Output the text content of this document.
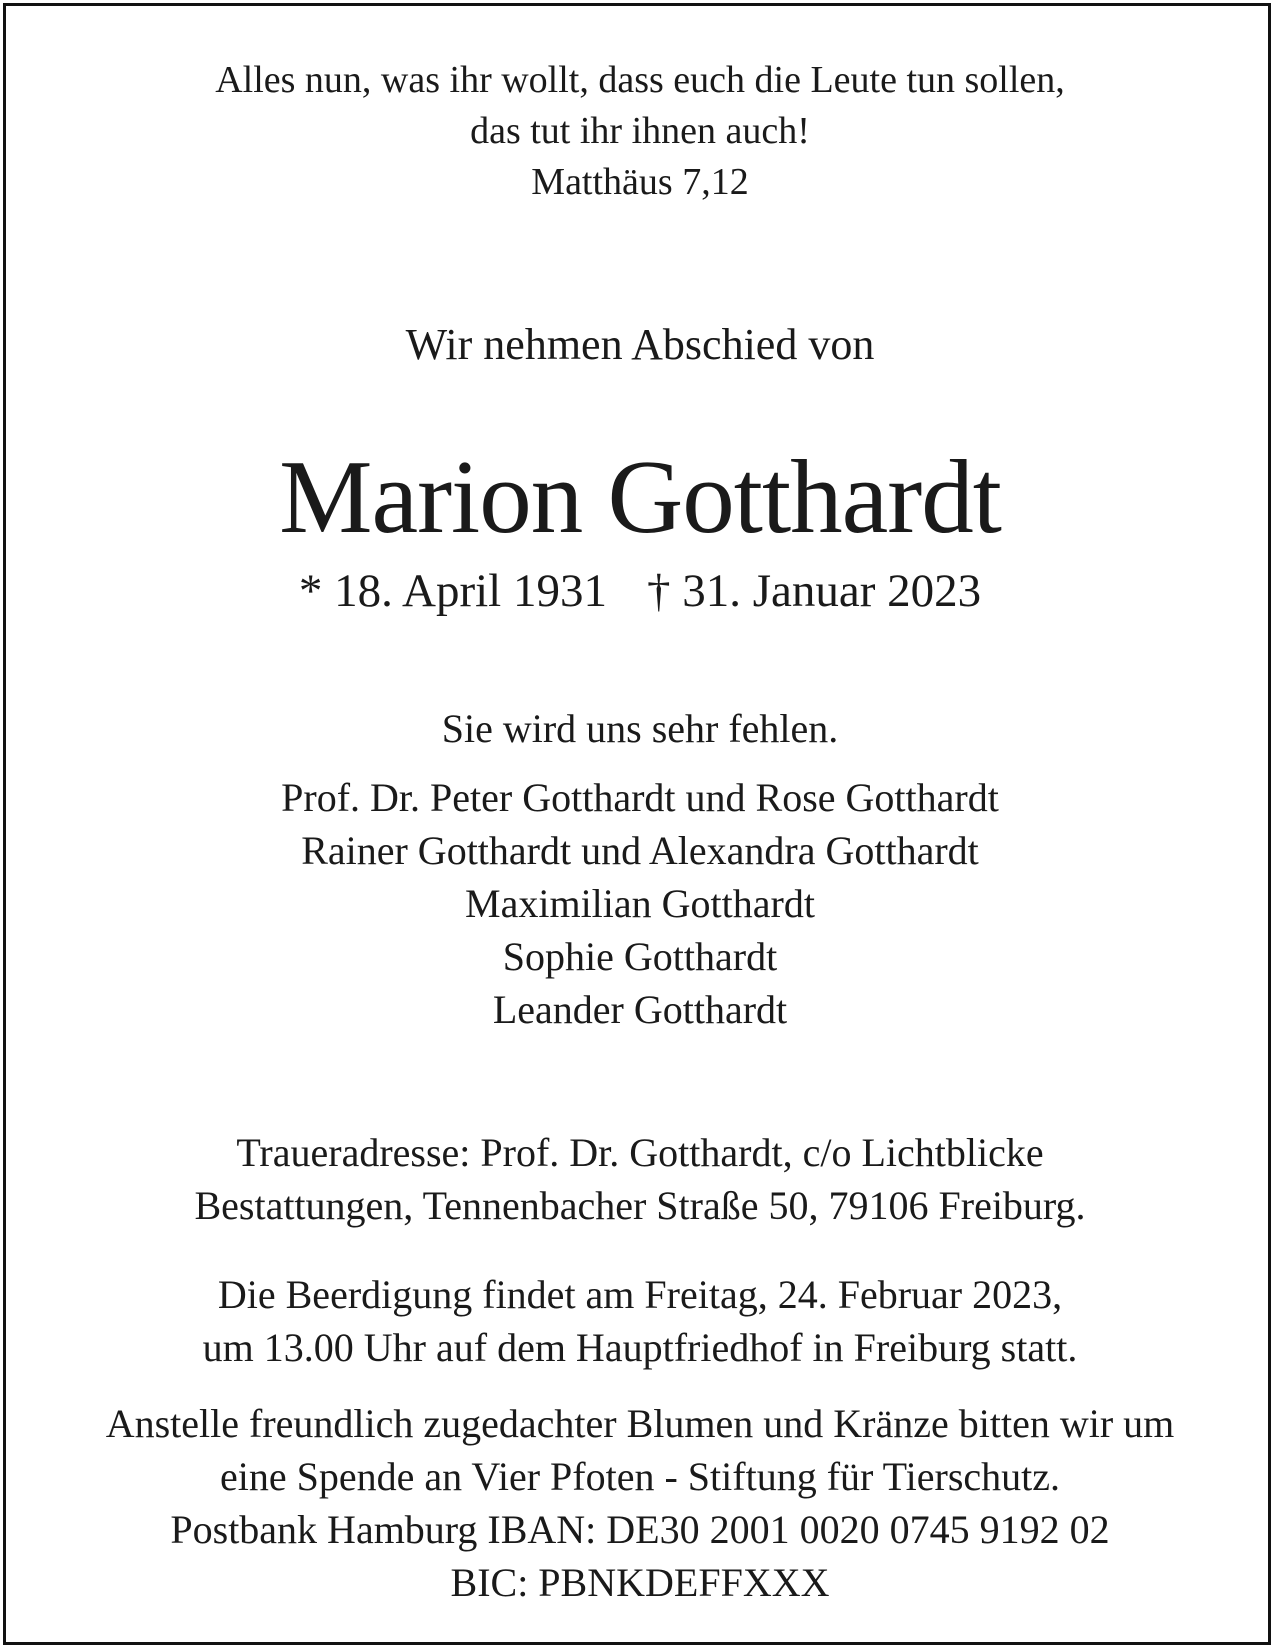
Alles nun, was ihr wollt, dass euch die Leute tun sollen,
das tut ihr ihnen auch!
Matthäus 7,12
Wir nehmen Abschied von
Marion Gotthardt
* 18. April 1931 † 31. Januar 2023
Sie wird uns sehr fehlen.
Prof. Dr. Peter Gotthardt und Rose Gotthardt
Rainer Gotthardt und Alexandra Gotthardt
Maximilian Gotthardt
Sophie Gotthardt
Leander Gotthardt
Traueradresse: Prof. Dr. Gotthardt, c/o Lichtblicke
Bestattungen, Tennenbacher Straße 50, 79106 Freiburg.
Die Beerdigung findet am Freitag, 24. Februar 2023,
um 13.00 Uhr auf dem Hauptfriedhof in Freiburg statt.
Anstelle freundlich zugedachter Blumen und Kränze bitten wir um
eine Spende an Vier Pfoten - Stiftung für Tierschutz.
Postbank Hamburg IBAN: DE30 2001 0020 0745 9192 02
BIC: PBNKDEFFXXX
